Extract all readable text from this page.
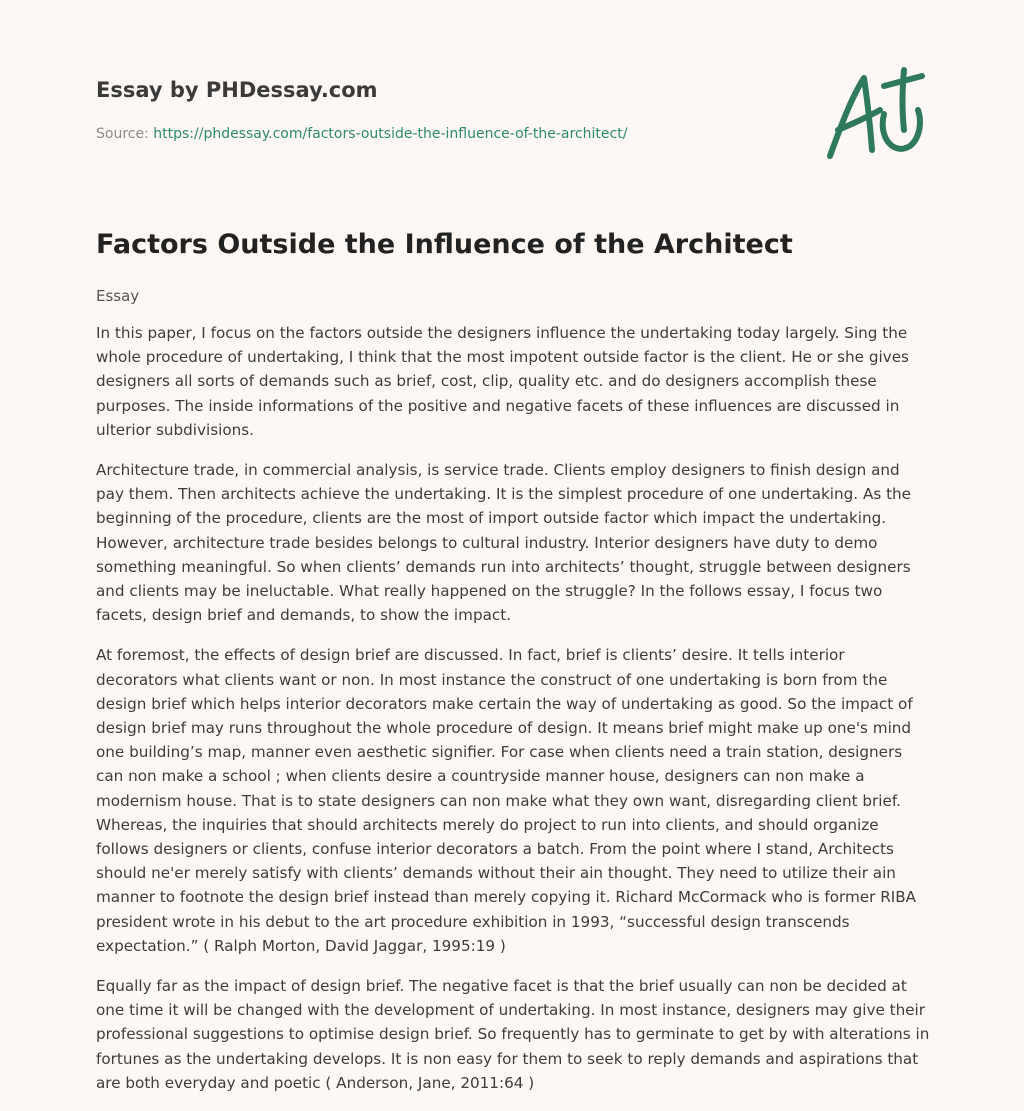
Essay by PHDessay.com
Source: https://phdessay.com/factors-outside-the-influence-of-the-architect/
Factors Outside the Influence of the Architect
Essay

In this paper, I focus on the factors outside the designers influence the undertaking today largely. Sing the whole procedure of undertaking, I think that the most impotent outside factor is the client. He or she gives designers all sorts of demands such as brief, cost, clip, quality etc. and do designers accomplish these purposes. The inside informations of the positive and negative facets of these influences are discussed in ulterior subdivisions.

Architecture trade, in commercial analysis, is service trade. Clients employ designers to finish design and pay them. Then architects achieve the undertaking. It is the simplest procedure of one undertaking. As the beginning of the procedure, clients are the most of import outside factor which impact the undertaking. However, architecture trade besides belongs to cultural industry. Interior designers have duty to demo something meaningful. So when clients’ demands run into architects’ thought, struggle between designers and clients may be ineluctable. What really happened on the struggle? In the follows essay, I focus two facets, design brief and demands, to show the impact.

At foremost, the effects of design brief are discussed. In fact, brief is clients’ desire. It tells interior decorators what clients want or non. In most instance the construct of one undertaking is born from the design brief which helps interior decorators make certain the way of undertaking as good. So the impact of design brief may runs throughout the whole procedure of design. It means brief might make up one's mind one building’s map, manner even aesthetic signifier. For case when clients need a train station, designers can non make a school ; when clients desire a countryside manner house, designers can non make a modernism house. That is to state designers can non make what they own want, disregarding client brief. Whereas, the inquiries that should architects merely do project to run into clients, and should organize follows designers or clients, confuse interior decorators a batch. From the point where I stand, Architects should ne'er merely satisfy with clients’ demands without their ain thought. They need to utilize their ain manner to footnote the design brief instead than merely copying it. Richard McCormack who is former RIBA president wrote in his debut to the art procedure exhibition in 1993, “successful design transcends expectation.” ( Ralph Morton, David Jaggar, 1995:19 )

Equally far as the impact of design brief. The negative facet is that the brief usually can non be decided at one time it will be changed with the development of undertaking. In most instance, designers may give their professional suggestions to optimise design brief. So frequently has to germinate to get by with alterations in fortunes as the undertaking develops. It is non easy for them to seek to reply demands and aspirations that are both everyday and poetic ( Anderson, Jane, 2011:64 )
